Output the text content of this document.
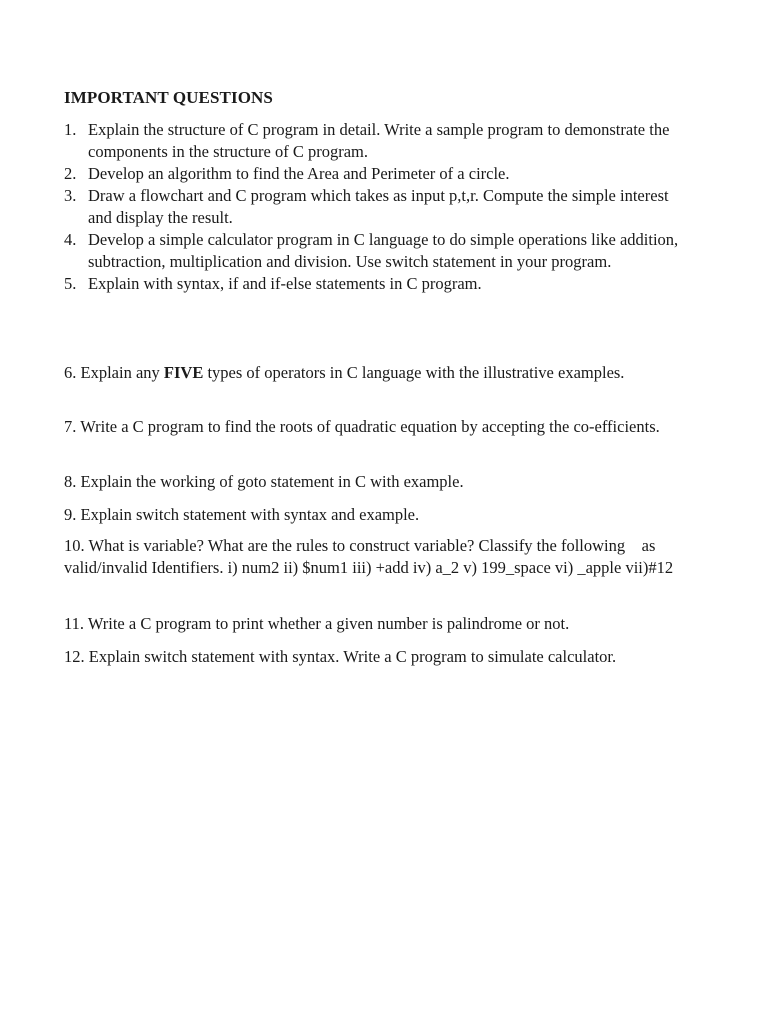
IMPORTANT QUESTIONS
1. Explain the structure of C program in detail. Write a sample program to demonstrate the components in the structure of C program.
2. Develop an algorithm to find the Area and Perimeter of a circle.
3. Draw a flowchart and C program which takes as input p,t,r. Compute the simple interest and display the result.
4. Develop a simple calculator program in C language to do simple operations like addition, subtraction, multiplication and division. Use switch statement in your program.
5. Explain with syntax, if and if-else statements in C program.

6. Explain any FIVE types of operators in C language with the illustrative examples.

7. Write a C program to find the roots of quadratic equation by accepting the co-efficients.

8. Explain the working of goto statement in C with example.

9. Explain switch statement with syntax and example.

10. What is variable? What are the rules to construct variable? Classify the following    as valid/invalid Identifiers. i) num2 ii) $num1 iii) +add iv) a_2 v) 199_space vi) _apple vii)#12

11. Write a C program to print whether a given number is palindrome or not.

12. Explain switch statement with syntax. Write a C program to simulate calculator.
